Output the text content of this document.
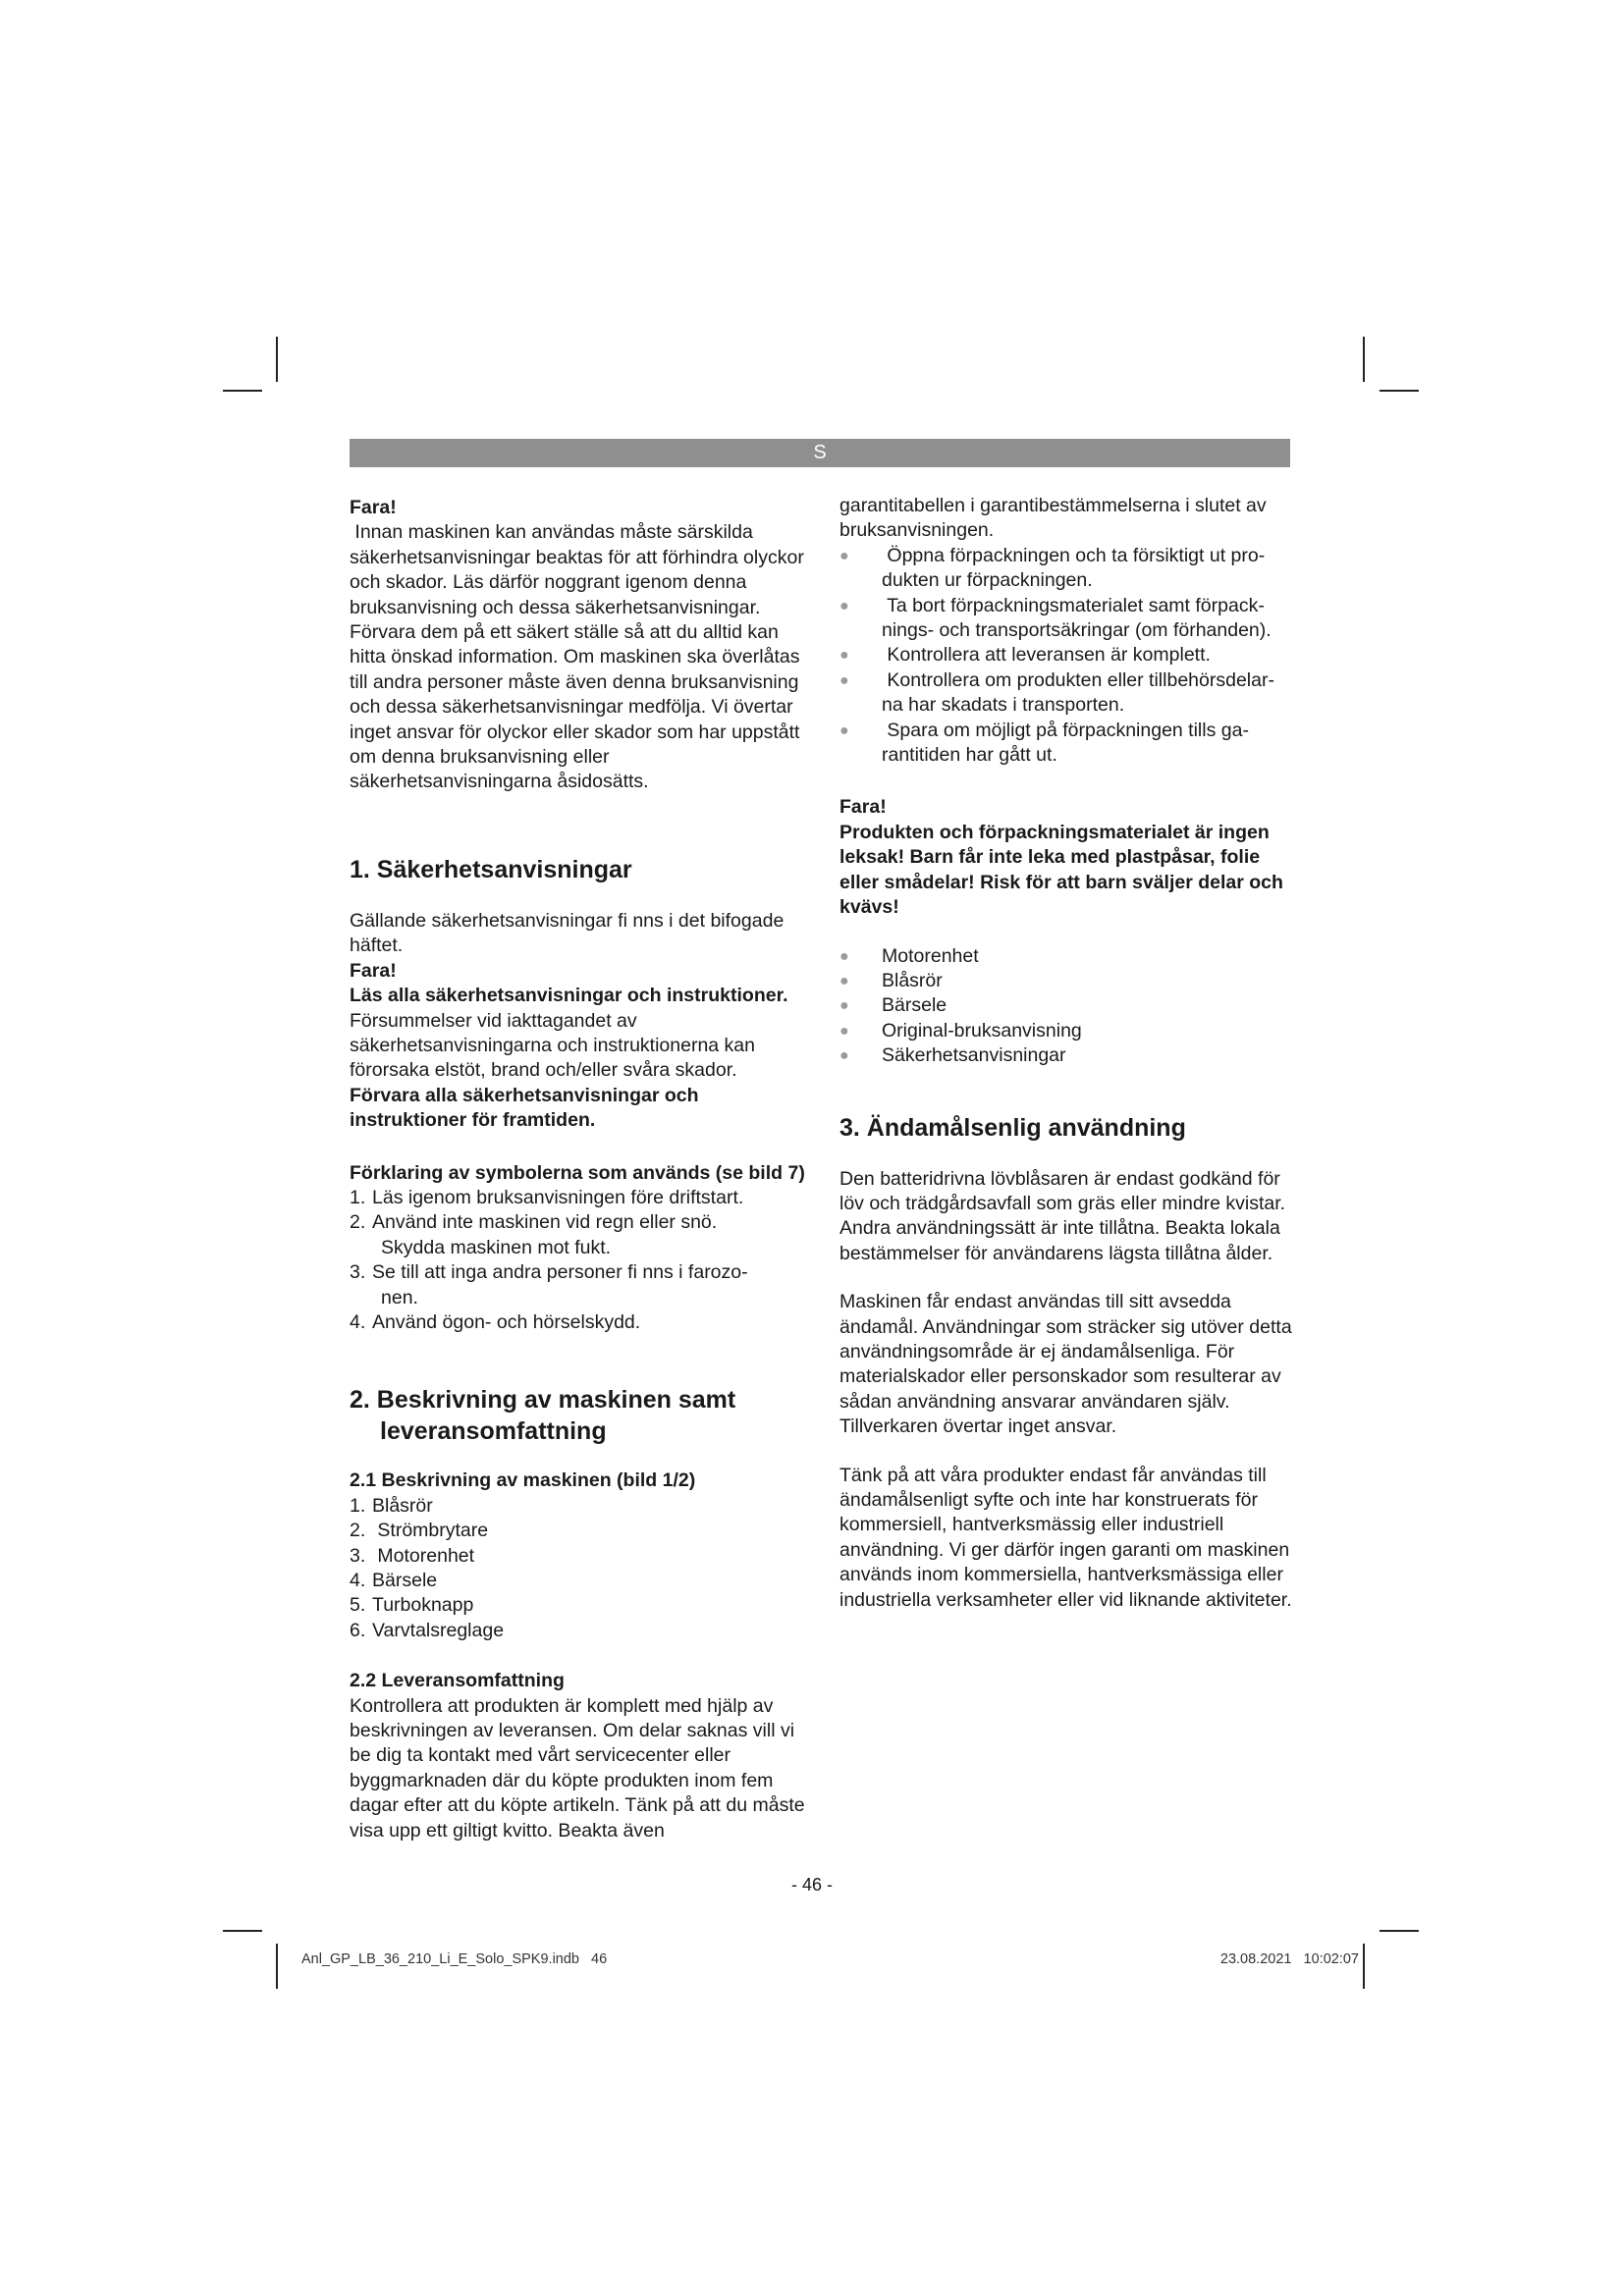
S

Fara!

Innan maskinen kan användas måste särskilda säkerhetsanvisningar beaktas för att förhindra olyckor och skador. Läs därför noggrant igenom denna bruksanvisning och dessa säkerhetsanvisningar. Förvara dem på ett säkert ställe så att du alltid kan hitta önskad information. Om maskinen ska överlåtas till andra personer måste även denna bruksanvisning och dessa säkerhetsanvisningar medfölja. Vi övertar inget ansvar för olyckor eller skador som har uppstått om denna bruksanvisning eller säkerhetsanvisningarna åsidosätts.

1. Säkerhetsanvisningar

Gällande säkerhetsanvisningar fi nns i det bifogade häftet.

Fara!

Läs alla säkerhetsanvisningar och instruktioner. Försummelser vid iakttagandet av säkerhetsanvisningarna och instruktionerna kan förorsaka elstöt, brand och/eller svåra skador. Förvara alla säkerhetsanvisningar och instruktioner för framtiden.

Förklaring av symbolerna som används (se bild 7)

1. Läs igenom bruksanvisningen före driftstart.
2. Använd inte maskinen vid regn eller snö.
Skydda maskinen mot fukt.
3. Se till att inga andra personer fi nns i farozo-
nen.
4. Använd ögon- och hörselskydd.
2. Beskrivning av maskinen samt
leveransomfattning

2.1 Beskrivning av maskinen (bild 1/2)

1. Blåsrör
2. Strömbrytare
3. Motorenhet
4. Bärsele
5. Turboknapp
6. Varvtalsreglage

2.2 Leveransomfattning

Kontrollera att produkten är komplett med hjälp av beskrivningen av leveransen. Om delar saknas vill vi be dig ta kontakt med vårt servicecenter eller byggmarknaden där du köpte produkten inom fem dagar efter att du köpte artikeln. Tänk på att du måste visa upp ett giltigt kvitto. Beakta även

garantitabellen i garantibestämmelserna i slutet av bruksanvisningen.

● Öppna förpackningen och ta försiktigt ut pro-
dukten ur förpackningen.
● Ta bort förpackningsmaterialet samt förpack-
nings- och transportsäkringar (om förhanden).
● Kontrollera att leveransen är komplett.
● Kontrollera om produkten eller tillbehörsdelar-
na har skadats i transporten.
● Spara om möjligt på förpackningen tills ga-
rantitiden har gått ut.

Fara!

Produkten och förpackningsmaterialet är ingen leksak! Barn får inte leka med plastpåsar, folie eller smådelar! Risk för att barn sväljer delar och kvävs!

● Motorenhet
● Blåsrör
● Bärsele
● Original-bruksanvisning
● Säkerhetsanvisningar
3. Ändamålsenlig användning

Den batteridrivna lövblåsaren är endast godkänd för löv och trädgårdsavfall som gräs eller mindre kvistar. Andra användningssätt är inte tillåtna. Beakta lokala bestämmelser för användarens lägsta tillåtna ålder.

Maskinen får endast användas till sitt avsedda ändamål. Användningar som sträcker sig utöver detta användningsområde är ej ändamålsenliga. För materialskador eller personskador som resulterar av sådan användning ansvarar användaren själv. Tillverkaren övertar inget ansvar.

Tänk på att våra produkter endast får användas till ändamålsenligt syfte och inte har konstruerats för kommersiell, hantverksmässig eller industriell användning. Vi ger därför ingen garanti om maskinen används inom kommersiella, hantverksmässiga eller industriella verksamheter eller vid liknande aktiviteter.

- 46 -
Anl_GP_LB_36_210_Li_E_Solo_SPK9.indb   46	23.08.2021   10:02:07
